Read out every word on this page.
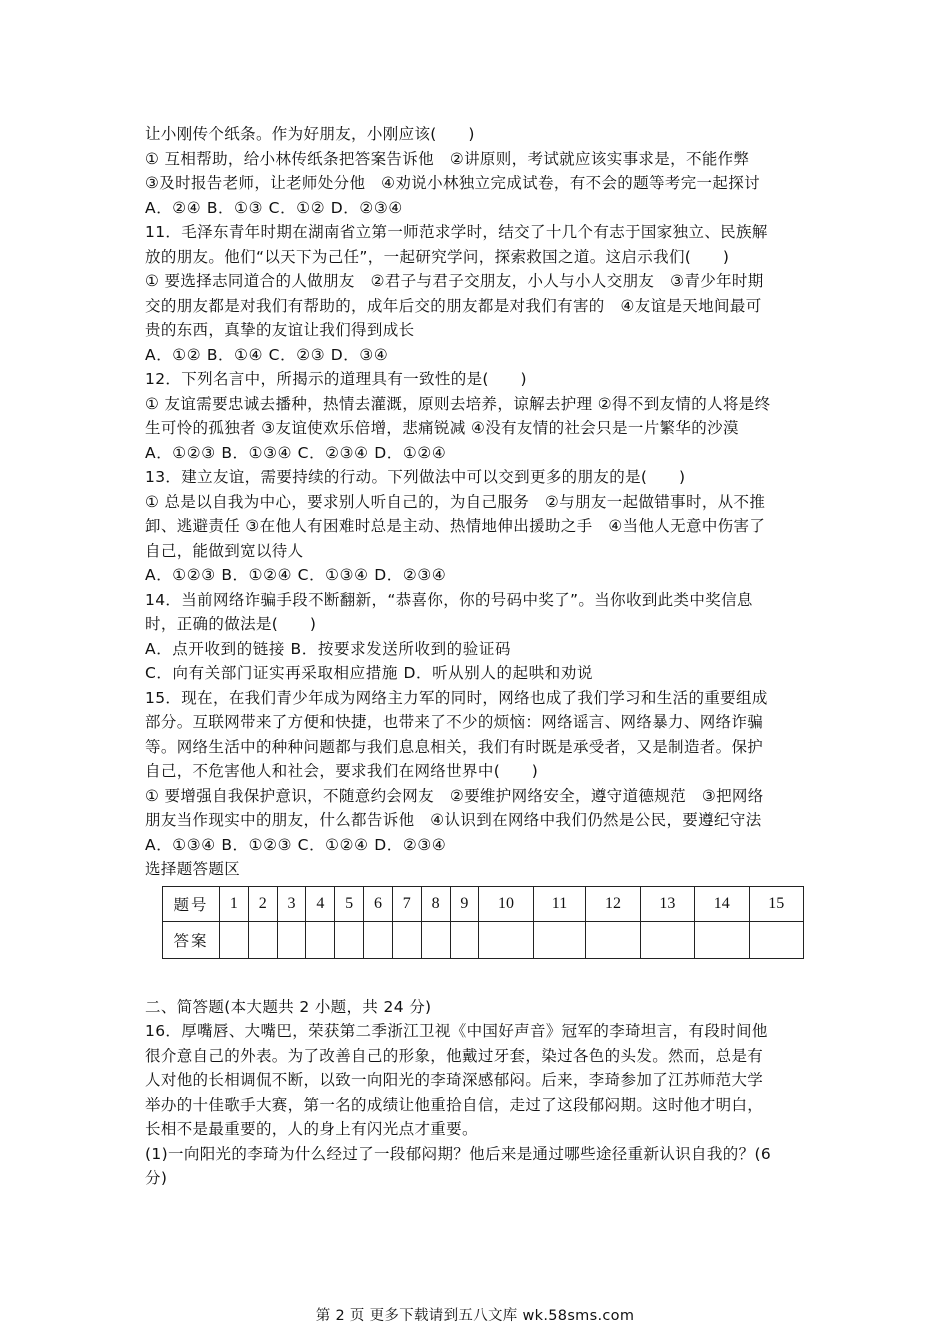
让小刚传个纸条。作为好朋友，小刚应该(　　)
① 互相帮助，给小林传纸条把答案告诉他　②讲原则，考试就应该实事求是，不能作弊
③及时报告老师，让老师处分他　④劝说小林独立完成试卷，有不会的题等考完一起探讨
A．②④ B．①③ C．①② D．②③④
11．毛泽东青年时期在湖南省立第一师范求学时，结交了十几个有志于国家独立、民族解
放的朋友。他们“以天下为己任”，一起研究学问，探索救国之道。这启示我们(　　)
① 要选择志同道合的人做朋友　②君子与君子交朋友，小人与小人交朋友　③青少年时期
交的朋友都是对我们有帮助的，成年后交的朋友都是对我们有害的　④友谊是天地间最可
贵的东西，真挚的友谊让我们得到成长
A．①② B．①④ C．②③ D．③④
12．下列名言中，所揭示的道理具有一致性的是(　　)
① 友谊需要忠诚去播种，热情去灌溉，原则去培养，谅解去护理 ②得不到友情的人将是终
生可怜的孤独者 ③友谊使欢乐倍增，悲痛锐减 ④没有友情的社会只是一片繁华的沙漠
A．①②③ B．①③④ C．②③④ D．①②④
13．建立友谊，需要持续的行动。下列做法中可以交到更多的朋友的是(　　)
① 总是以自我为中心，要求别人听自己的，为自己服务　②与朋友一起做错事时，从不推
卸、逃避责任 ③在他人有困难时总是主动、热情地伸出援助之手　④当他人无意中伤害了
自己，能做到宽以待人
A．①②③ B．①②④ C．①③④ D．②③④
14．当前网络诈骗手段不断翻新，“恭喜你，你的号码中奖了”。当你收到此类中奖信息
时，正确的做法是(　　)
A．点开收到的链接 B．按要求发送所收到的验证码
C．向有关部门证实再采取相应措施 D．听从别人的起哄和劝说
15．现在，在我们青少年成为网络主力军的同时，网络也成了我们学习和生活的重要组成
部分。互联网带来了方便和快捷，也带来了不少的烦恼：网络谣言、网络暴力、网络诈骗
等。网络生活中的种种问题都与我们息息相关，我们有时既是承受者，又是制造者。保护
自己，不危害他人和社会，要求我们在网络世界中(　　)
① 要增强自我保护意识，不随意约会网友　②要维护网络安全，遵守道德规范　③把网络
朋友当作现实中的朋友，什么都告诉他　④认识到在网络中我们仍然是公民，要遵纪守法
A．①③④ B．①②③ C．①②④ D．②③④
选择题答题区
题号	1	2	3	4	5	6	7	8	9	10	11	12	13	14	15
答案															
二、简答题(本大题共 2 小题，共 24 分)
16．厚嘴唇、大嘴巴，荣获第二季浙江卫视《中国好声音》冠军的李琦坦言，有段时间他
很介意自己的外表。为了改善自己的形象，他戴过牙套，染过各色的头发。然而，总是有
人对他的长相调侃不断，以致一向阳光的李琦深感郁闷。后来，李琦参加了江苏师范大学
举办的十佳歌手大赛，第一名的成绩让他重拾自信，走过了这段郁闷期。这时他才明白，
长相不是最重要的，人的身上有闪光点才重要。
(1)一向阳光的李琦为什么经过了一段郁闷期？他后来是通过哪些途径重新认识自我的？(6
分)
第 2 页 更多下载请到五八文库 wk.58sms.com
